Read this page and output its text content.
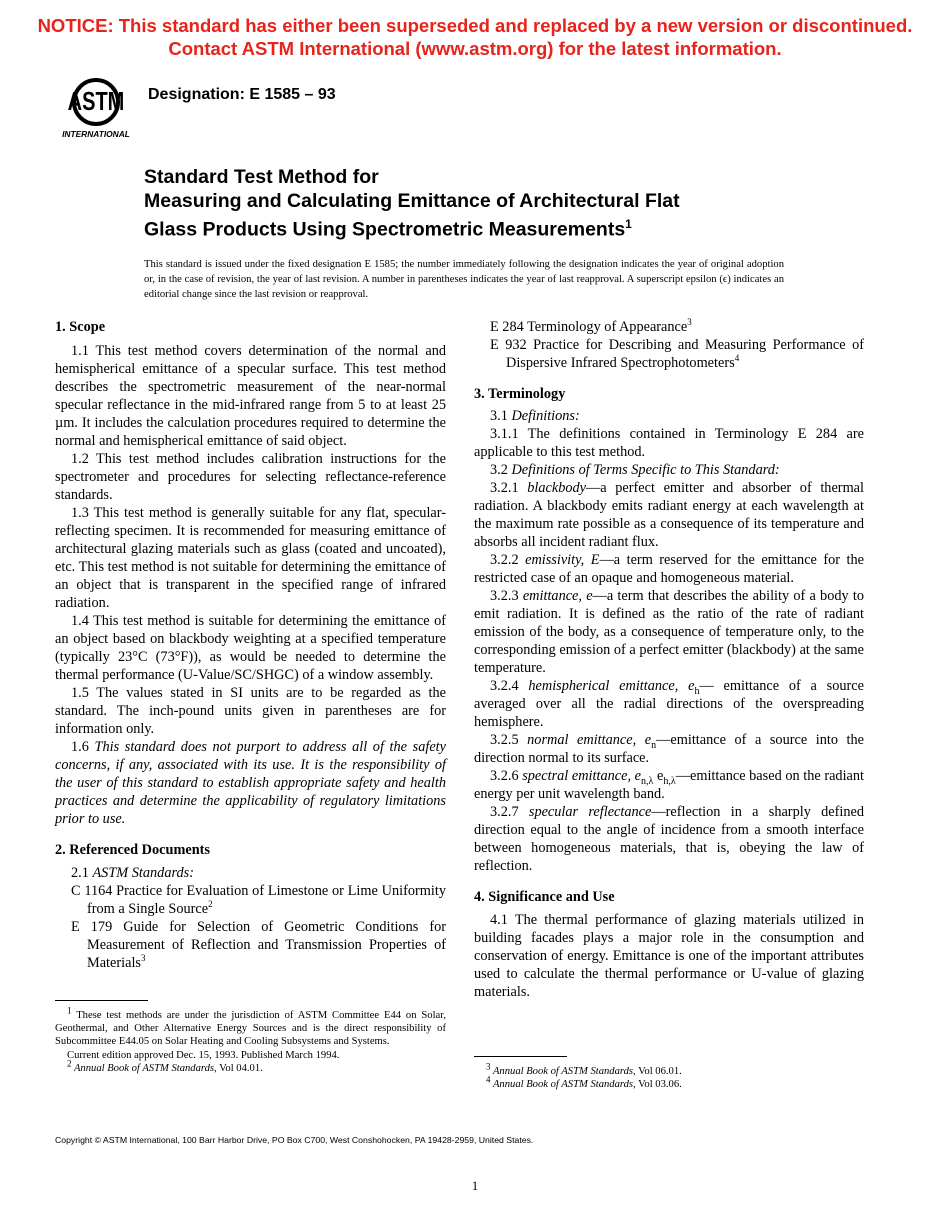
NOTICE: This standard has either been superseded and replaced by a new version or discontinued.
Contact ASTM International (www.astm.org) for the latest information.
ASTM
INTERNATIONAL
Designation: E 1585 – 93
Standard Test Method for
Measuring and Calculating Emittance of Architectural Flat
Glass Products Using Spectrometric Measurements$^1$
This standard is issued under the fixed designation E 1585; the number immediately following the designation indicates the year of original adoption or, in the case of revision, the year of last revision. A number in parentheses indicates the year of last reapproval. A superscript epsilon (ϵ) indicates an editorial change since the last revision or reapproval.
1. Scope

1.1 This test method covers determination of the normal and hemispherical emittance of a specular surface. This test method describes the spectrometric measurement of the near-normal specular reflectance in the mid-infrared range from 5 to at least 25 µm. It includes the calculation procedures required to determine the normal and hemispherical emittance of said object.

1.2 This test method includes calibration instructions for the spectrometer and procedures for selecting reflectance-reference standards.

1.3 This test method is generally suitable for any flat, specular-reflecting specimen. It is recommended for measuring emittance of architectural glazing materials such as glass (coated and uncoated), etc. This test method is not suitable for determining the emittance of an object that is transparent in the specified range of infrared radiation.

1.4 This test method is suitable for determining the emittance of an object based on blackbody weighting at a specified temperature (typically 23°C (73°F)), as would be needed to determine the thermal performance (U-Value/SC/SHGC) of a window assembly.

1.5 The values stated in SI units are to be regarded as the standard. The inch-pound units given in parentheses are for information only.

1.6 This standard does not purport to address all of the safety concerns, if any, associated with its use. It is the responsibility of the user of this standard to establish appropriate safety and health practices and determine the applicability of regulatory limitations prior to use.

2. Referenced Documents

2.1 ASTM Standards:

C 1164 Practice for Evaluation of Limestone or Lime Uniformity from a Single Source$^2$

E 179 Guide for Selection of Geometric Conditions for Measurement of Reflection and Transmission Properties of Materials$^3$

E 284 Terminology of Appearance$^3$

E 932 Practice for Describing and Measuring Performance of Dispersive Infrared Spectrophotometers$^4$

3. Terminology

3.1 Definitions:

3.1.1 The definitions contained in Terminology E 284 are applicable to this test method.

3.2 Definitions of Terms Specific to This Standard:

3.2.1 blackbody—a perfect emitter and absorber of thermal radiation. A blackbody emits radiant energy at each wavelength at the maximum rate possible as a consequence of its temperature and absorbs all incident radiant flux.

3.2.2 emissivity, E—a term reserved for the emittance for the restricted case of an opaque and homogeneous material.

3.2.3 emittance, e—a term that describes the ability of a body to emit radiation. It is defined as the ratio of the rate of radiant emission of the body, as a consequence of temperature only, to the corresponding emission of a perfect emitter (blackbody) at the same temperature.

3.2.4 hemispherical emittance, $e_h—$ emittance of a source averaged over all the radial directions of the overspreading hemisphere.

3.2.5 normal emittance, $e_n—emittance$ of a source into the direction normal to its surface.

3.2.6 spectral emittance, $e_{n,\lambda}$ $e_{h,\lambda}—emittance$ based on the radiant energy per unit wavelength band.

3.2.7 specular reflectance—reflection in a sharply defined direction equal to the angle of incidence from a smooth interface between homogeneous materials, that is, obeying the law of reflection.

4. Significance and Use

4.1 The thermal performance of glazing materials utilized in building facades plays a major role in the consumption and conservation of energy. Emittance is one of the important attributes used to calculate the thermal performance or U-value of glazing materials.

$^1$ These test methods are under the jurisdiction of ASTM Committee E44 on Solar, Geothermal, and Other Alternative Energy Sources and is the direct responsibility of Subcommittee E44.05 on Solar Heating and Cooling Subsystems and Systems.

Current edition approved Dec. 15, 1993. Published March 1994.

$^2$ Annual Book of ASTM Standards, Vol 04.01.	$^3$ Annual Book of ASTM Standards, Vol 06.01.

$^4$ Annual Book of ASTM Standards, Vol 03.06.

Copyright © ASTM International, 100 Barr Harbor Drive, PO Box C700, West Conshohocken, PA 19428-2959, United States.
1
